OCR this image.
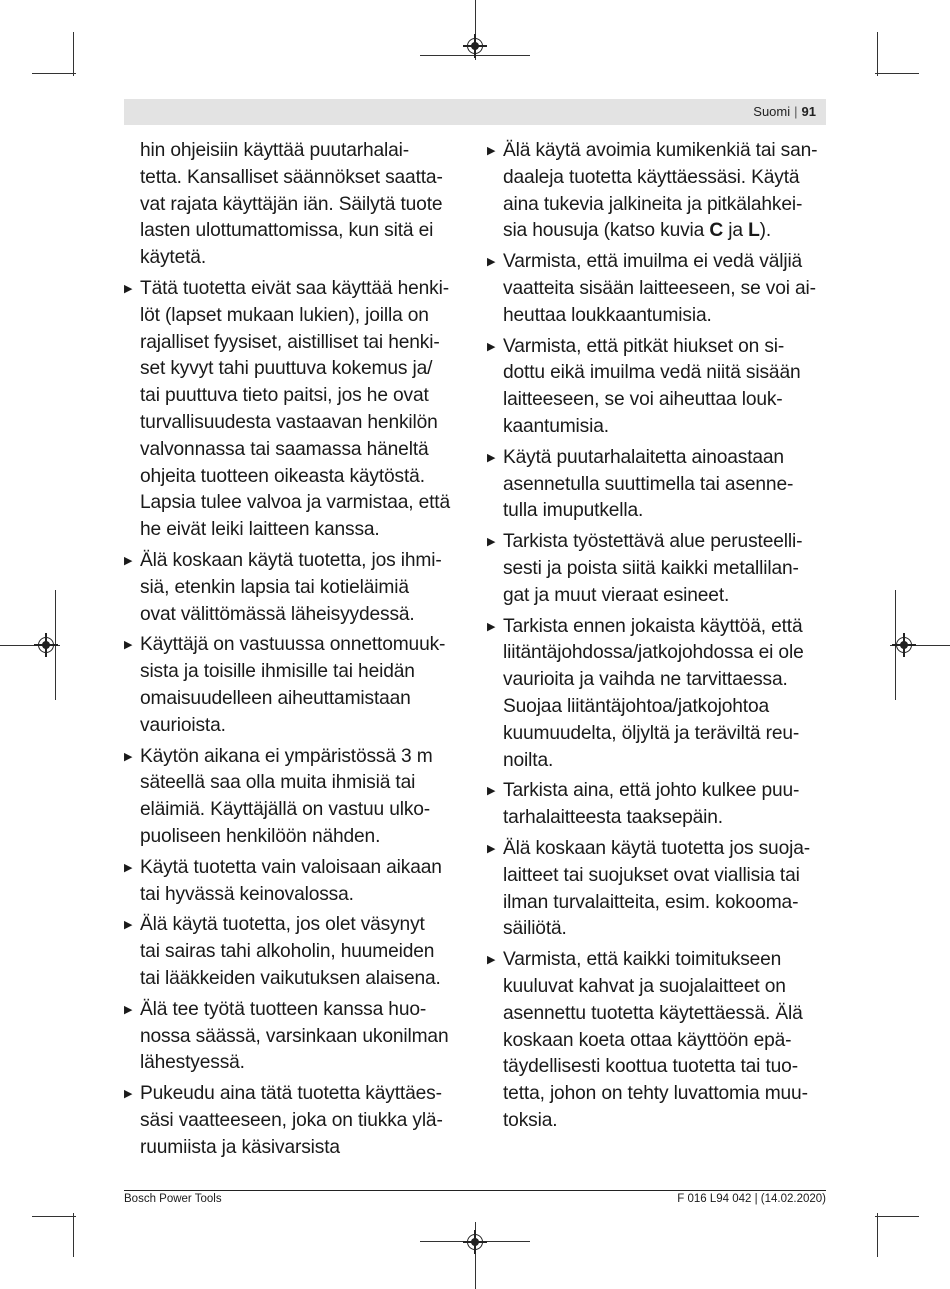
Suomi | 91
hin ohjeisiin käyttää puutarhalai-
tetta. Kansalliset säännökset saatta-
vat rajata käyttäjän iän. Säilytä tuote
lasten ulottumattomissa, kun sitä ei
käytetä.
▶ Tätä tuotetta eivät saa käyttää henki-
löt (lapset mukaan lukien), joilla on
rajalliset fyysiset, aistilliset tai henki-
set kyvyt tahi puuttuva kokemus ja/
tai puuttuva tieto paitsi, jos he ovat
turvallisuudesta vastaavan henkilön
valvonnassa tai saamassa häneltä
ohjeita tuotteen oikeasta käytöstä.
Lapsia tulee valvoa ja varmistaa, että
he eivät leiki laitteen kanssa.
▶ Älä koskaan käytä tuotetta, jos ihmi-
siä, etenkin lapsia tai kotieläimiä
ovat välittömässä läheisyydessä.
▶ Käyttäjä on vastuussa onnettomuuk-
sista ja toisille ihmisille tai heidän
omaisuudelleen aiheuttamistaan
vaurioista.
▶ Käytön aikana ei ympäristössä 3 m
säteellä saa olla muita ihmisiä tai
eläimiä. Käyttäjällä on vastuu ulko-
puoliseen henkilöön nähden.
▶ Käytä tuotetta vain valoisaan aikaan
tai hyvässä keinovalossa.
▶ Älä käytä tuotetta, jos olet väsynyt
tai sairas tahi alkoholin, huumeiden
tai lääkkeiden vaikutuksen alaisena.
▶ Älä tee työtä tuotteen kanssa huo-
nossa säässä, varsinkaan ukonilman
lähestyessä.
▶ Pukeudu aina tätä tuotetta käyttäes-
säsi vaatteeseen, joka on tiukka ylä-
ruumiista ja käsivarsista
▶ Älä käytä avoimia kumikenkiä tai san-
daaleja tuotetta käyttäessäsi. Käytä
aina tukevia jalkineita ja pitkälahkei-
sia housuja (katso kuvia C ja L).
▶ Varmista, että imuilma ei vedä väljiä
vaatteita sisään laitteeseen, se voi ai-
heuttaa loukkaantumisia.
▶ Varmista, että pitkät hiukset on si-
dottu eikä imuilma vedä niitä sisään
laitteeseen, se voi aiheuttaa louk-
kaantumisia.
▶ Käytä puutarhalaitetta ainoastaan
asennetulla suuttimella tai asenne-
tulla imuputkella.
▶ Tarkista työstettävä alue perusteelli-
sesti ja poista siitä kaikki metallilan-
gat ja muut vieraat esineet.
▶ Tarkista ennen jokaista käyttöä, että
liitäntäjohdossa/jatkojohdossa ei ole
vaurioita ja vaihda ne tarvittaessa.
Suojaa liitäntäjohtoa/jatkojohtoa
kuumuudelta, öljyltä ja teräviltä reu-
noilta.
▶ Tarkista aina, että johto kulkee puu-
tarhalaitteesta taaksepäin.
▶ Älä koskaan käytä tuotetta jos suoja-
laitteet tai suojukset ovat viallisia tai
ilman turvalaitteita, esim. kokooma-
säiliötä.
▶ Varmista, että kaikki toimitukseen
kuuluvat kahvat ja suojalaitteet on
asennettu tuotetta käytettäessä. Älä
koskaan koeta ottaa käyttöön epä-
täydellisesti koottua tuotetta tai tuo-
tetta, johon on tehty luvattomia muu-
toksia.
Bosch Power Tools	F 016 L94 042 | (14.02.2020)
